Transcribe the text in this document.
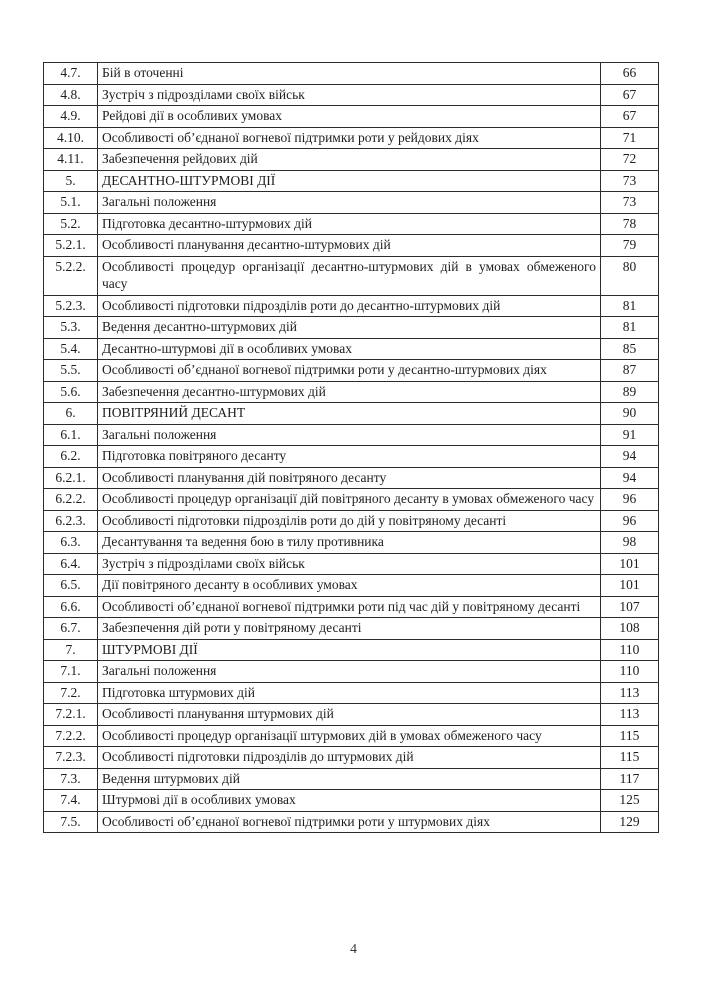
4.7.	Бій в оточенні	66
4.8.	Зустріч з підрозділами своїх військ	67
4.9.	Рейдові дії в особливих умовах	67
4.10.	Особливості об’єднаної вогневої підтримки роти у рейдових діях	71
4.11.	Забезпечення рейдових дій	72
5.	ДЕСАНТНО-ШТУРМОВІ ДІЇ	73
5.1.	Загальні положення	73
5.2.	Підготовка десантно-штурмових дій	78
5.2.1.	Особливості планування десантно-штурмових дій	79
5.2.2.	Особливості процедур організації десантно-штурмових дій в умовах обмеженого часу	80
5.2.3.	Особливості підготовки підрозділів роти до десантно-штурмових дій	81
5.3.	Ведення десантно-штурмових дій	81
5.4.	Десантно-штурмові дії в особливих умовах	85
5.5.	Особливості об’єднаної вогневої підтримки роти у десантно-штурмових діях	87
5.6.	Забезпечення десантно-штурмових дій	89
6.	ПОВІТРЯНИЙ ДЕСАНТ	90
6.1.	Загальні положення	91
6.2.	Підготовка повітряного десанту	94
6.2.1.	Особливості планування дій повітряного десанту	94
6.2.2.	Особливості процедур організації дій повітряного десанту в умовах обмеженого часу	96
6.2.3.	Особливості підготовки підрозділів роти до дій у повітряному десанті	96
6.3.	Десантування та ведення бою в тилу противника	98
6.4.	Зустріч з підрозділами своїх військ	101
6.5.	Дії повітряного десанту в особливих умовах	101
6.6.	Особливості об’єднаної вогневої підтримки роти під час дій у повітряному десанті	107
6.7.	Забезпечення дій роти у повітряному десанті	108
7.	ШТУРМОВІ ДІЇ	110
7.1.	Загальні положення	110
7.2.	Підготовка штурмових дій	113
7.2.1.	Особливості планування штурмових дій	113
7.2.2.	Особливості процедур організації штурмових дій в умовах обмеженого часу	115
7.2.3.	Особливості підготовки підрозділів до штурмових дій	115
7.3.	Ведення штурмових дій	117
7.4.	Штурмові дії в особливих умовах	125
7.5.	Особливості об’єднаної вогневої підтримки роти у штурмових діях	129
4
